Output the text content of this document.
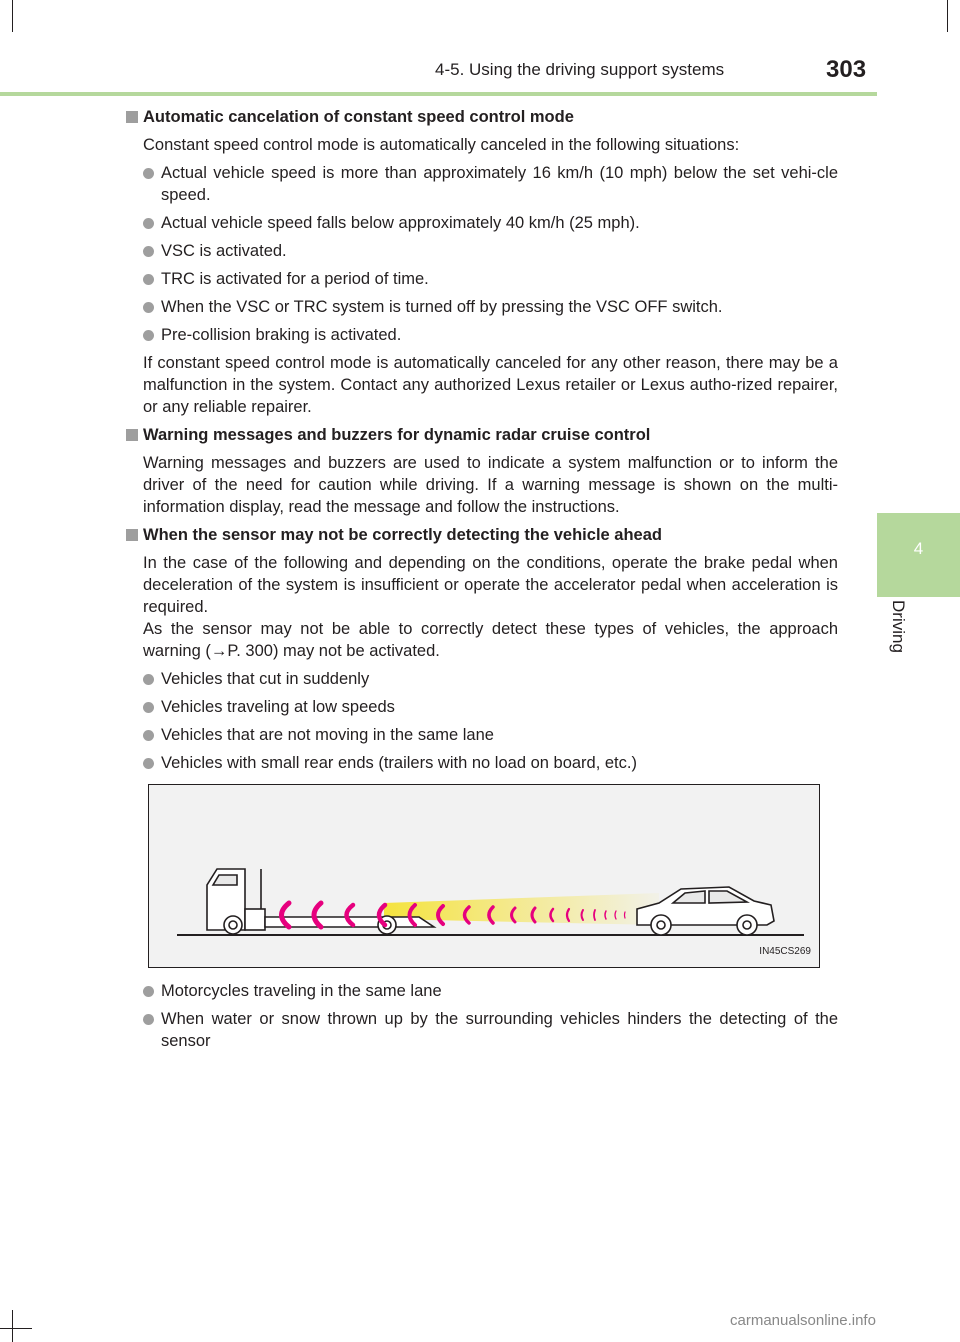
4-5. Using the driving support systems	303
4
Driving
Automatic cancelation of constant speed control mode

Constant speed control mode is automatically canceled in the following situations:

Actual vehicle speed is more than approximately 16 km/h (10 mph) below the set vehi-cle speed.
Actual vehicle speed falls below approximately 40 km/h (25 mph).
VSC is activated.
TRC is activated for a period of time.
When the VSC or TRC system is turned off by pressing the VSC OFF switch.
Pre-collision braking is activated.

If constant speed control mode is automatically canceled for any other reason, there may be a malfunction in the system. Contact any authorized Lexus retailer or Lexus autho-rized repairer, or any reliable repairer.

Warning messages and buzzers for dynamic radar cruise control

Warning messages and buzzers are used to indicate a system malfunction or to inform the driver of the need for caution while driving. If a warning message is shown on the multi-information display, read the message and follow the instructions.

When the sensor may not be correctly detecting the vehicle ahead

In the case of the following and depending on the conditions, operate the brake pedal when deceleration of the system is insufficient or operate the accelerator pedal when acceleration is required.

As the sensor may not be able to correctly detect these types of vehicles, the approach warning (→P. 300) may not be activated.

Vehicles that cut in suddenly
Vehicles traveling at low speeds
Vehicles that are not moving in the same lane
Vehicles with small rear ends (trailers with no load on board, etc.)
IN45CS269
Motorcycles traveling in the same lane
When water or snow thrown up by the surrounding vehicles hinders the detecting of the sensor
carmanualsonline.info
